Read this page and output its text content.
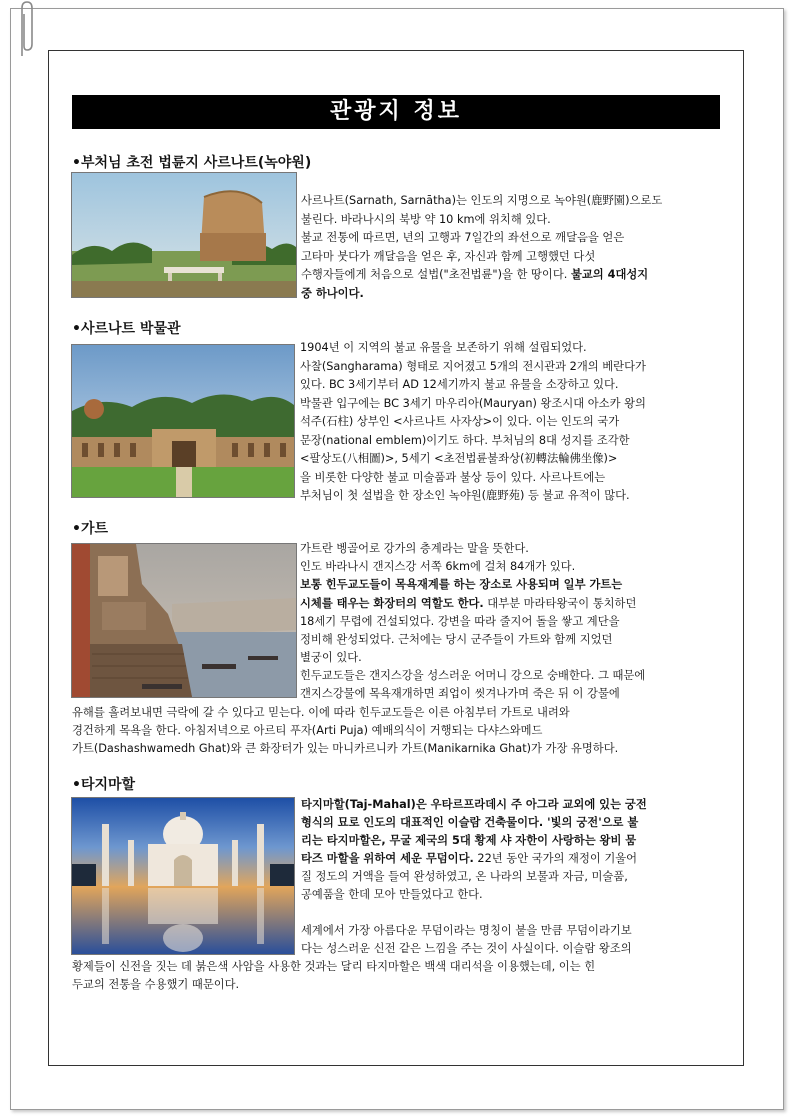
관광지 정보
•부처님 초전 법륜지 사르나트(녹야원)

사르나트(Sarnath, Sarnātha)는 인도의 지명으로 녹야원(鹿野園)으로도

불린다. 바라나시의 북방 약 10 km에 위치해 있다.

불교 전통에 따르면, 년의 고행과 7일간의 좌선으로 깨달음을 얻은

고타마 붓다가 깨달음을 얻은 후, 자신과 함께 고행했던 다섯

수행자들에게 처음으로 설법("초전법륜")을 한 땅이다. 불교의 4대성지

중 하나이다.

•사르나트 박물관

1904년 이 지역의 불교 유물을 보존하기 위해 설립되었다.

사찰(Sangharama) 형태로 지어졌고 5개의 전시관과 2개의 베란다가

있다. BC 3세기부터 AD 12세기까지 불교 유물을 소장하고 있다.

박물관 입구에는 BC 3세기 마우리아(Mauryan) 왕조시대 아소카 왕의

석주(石柱) 상부인 <사르나트 사자상>이 있다. 이는 인도의 국가

문장(national emblem)이기도 하다. 부처님의 8대 성지를 조각한

<팔상도(八相圖)>, 5세기 <초전법륜불좌상(初轉法輪佛坐像)>

을 비롯한 다양한 불교 미술품과 불상 등이 있다. 사르나트에는

부처님이 첫 설법을 한 장소인 녹야원(鹿野苑) 등 불교 유적이 많다.

•가트
가트란 벵골어로 강가의 층계라는 말을 뜻한다.
인도 바라나시 갠지스강 서쪽 6km에 걸쳐 84개가 있다.
보통 힌두교도들이 목욕재계를 하는 장소로 사용되며 일부 가트는
시체를 태우는 화장터의 역할도 한다. 대부분 마라타왕국이 통치하던
18세기 무렵에 건설되었다. 강변을 따라 줄지어 돌을 쌓고 계단을
정비해 완성되었다. 근처에는 당시 군주들이 가트와 함께 지었던
별궁이 있다.
힌두교도들은 갠지스강을 성스러운 어머니 강으로 숭배한다. 그 때문에
갠지스강물에 목욕재개하면 죄업이 씻겨나가며 죽은 뒤 이 강물에
유해를 흘려보내면 극락에 갈 수 있다고 믿는다. 이에 따라 힌두교도들은 이른 아침부터 가트로 내려와
경건하게 목욕을 한다. 아침저녁으로 아르티 푸자(Arti Puja) 예배의식이 거행되는 다샤스와메드
가트(Dashashwamedh Ghat)와 큰 화장터가 있는 마니카르니카 가트(Manikarnika Ghat)가 가장 유명하다.
•타지마할
타지마할(Taj-Mahal)은 우타르프라데시 주 아그라 교외에 있는 궁전
형식의 묘로 인도의 대표적인 이슬람 건축물이다. '빛의 궁전'으로 불
리는 타지마할은, 무굴 제국의 5대 황제 샤 자한이 사랑하는 왕비 뭄
타즈 마할을 위하여 세운 무덤이다. 22년 동안 국가의 재정이 기울어
질 정도의 거액을 들여 완성하였고, 온 나라의 보물과 자금, 미술품,
공예품을 한데 모아 만들었다고 한다.
세계에서 가장 아름다운 무덤이라는 명칭이 붙을 만큼 무덤이라기보
다는 성스러운 신전 같은 느낌을 주는 것이 사실이다. 이슬람 왕조의
황제들이 신전을 짓는 데 붉은색 사암을 사용한 것과는 달리 타지마할은 백색 대리석을 이용했는데, 이는 힌
두교의 전통을 수용했기 때문이다.
